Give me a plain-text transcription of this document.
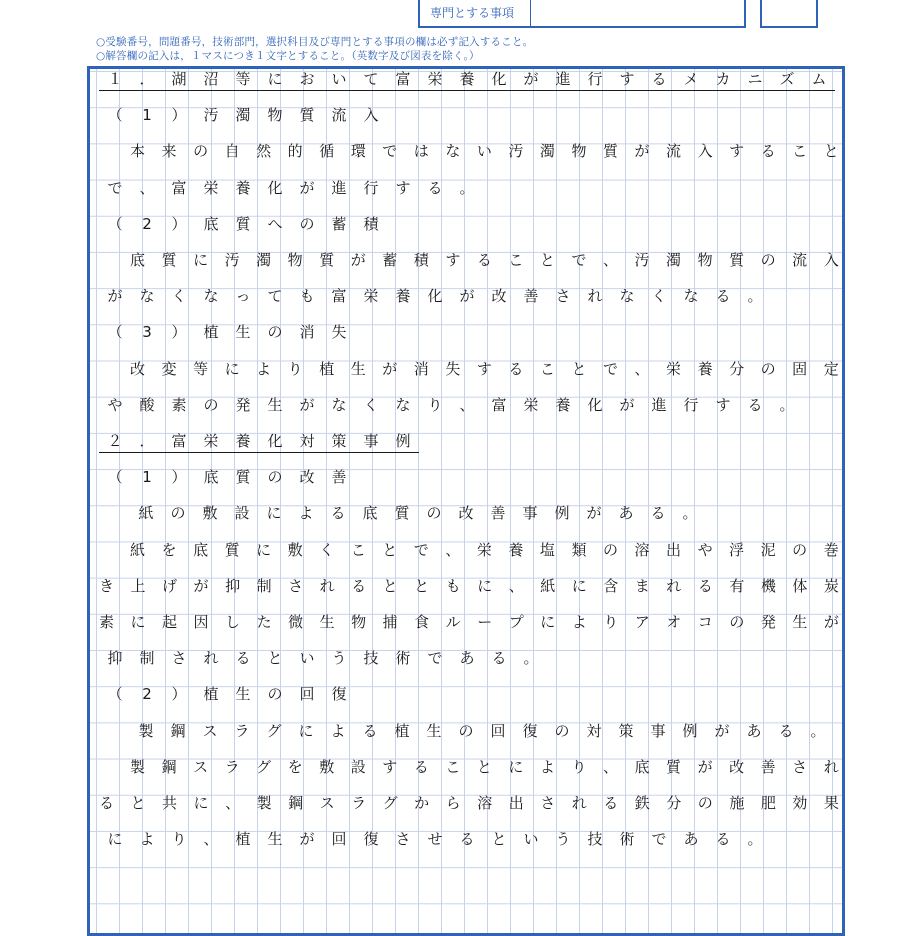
専門とする事項
○受験番号，問題番号，技術部門，選択科目及び専門とする事項の欄は必ず記入すること。
○解答欄の記入は，１マスにつき１文字とすること。（英数字及び図表を除く。）
１	．	湖	沼	等	に	お	い	て	富	栄	養	化	が	進	行	す	る	メ	カ	ニ	ズ	ム
（	1	）	汚	濁	物	質	流	入
本 来 の 自 然 的 循 環 で は な い 汚 濁 物 質 が 流 入 す る こ と
で	、	富	栄	養	化	が	進	行	す	る	。
（	2	）	底	質	へ	の	蓄	積
底 質 に 汚 濁 物 質 が 蓄 積 す る こ と で 、 汚 濁 物 質 の 流 入
が	な	く	な	っ	て	も	富	栄	養	化	が	改	善	さ	れ	な	く	な	る	。
（	3	）	植	生	の	消	失
改 変 等 に よ り 植 生 が 消 失 す る こ と で 、 栄 養 分 の 固 定
や	酸	素	の	発	生	が	な	く	な	り	、	富	栄	養	化	が	進	行	す	る	。
２	．	富	栄	養	化	対	策	事	例
（	1	）	底	質	の	改	善
紙	の	敷	設	に	よ	る	底	質	の	改	善	事	例	が	あ	る	。
紙 を 底 質 に 敷 く こ と で 、 栄 養 塩 類 の 溶 出 や 浮 泥 の 巻
き 上 げ が 抑 制 さ れ る と と も に 、 紙 に 含 ま れ る 有 機 体 炭
素 に 起 因 し た 微 生 物 捕 食 ル ー プ に よ り ア オ コ の 発 生 が
抑	制	さ	れ	る	と	い	う	技	術	で	あ	る	。
（	2	）	植	生	の	回	復
製	鋼	ス	ラ	グ	に	よ	る	植	生	の	回	復	の	対	策	事	例	が	あ	る	。
製 鋼 ス ラ グ を 敷 設 す る こ と に よ り 、 底 質 が 改 善 さ れ
る と 共 に 、 製 鋼 ス ラ グ か ら 溶 出 さ れ る 鉄 分 の 施 肥 効 果
に	よ	り	、	植	生	が	回	復	さ	せ	る	と	い	う	技	術	で	あ	る	。
